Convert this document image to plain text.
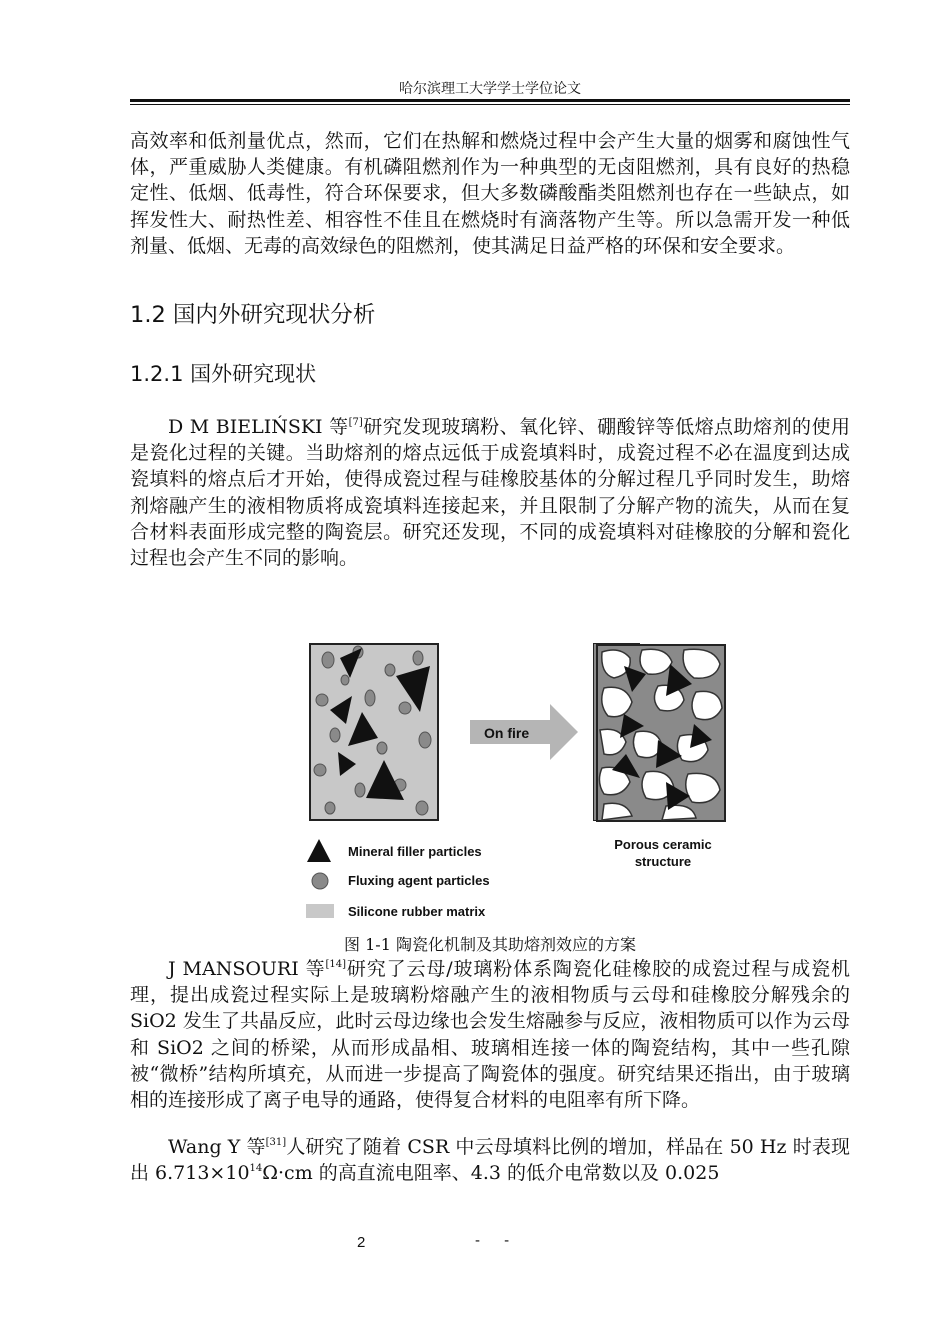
哈尔滨理工大学学士学位论文
高效率和低剂量优点，然而，它们在热解和燃烧过程中会产生大量的烟雾和腐蚀性气体，严重威胁人类健康。有机磷阻燃剂作为一种典型的无卤阻燃剂，具有良好的热稳定性、低烟、低毒性，符合环保要求，但大多数磷酸酯类阻燃剂也存在一些缺点，如挥发性大、耐热性差、相容性不佳且在燃烧时有滴落物产生等。所以急需开发一种低剂量、低烟、无毒的高效绿色的阻燃剂，使其满足日益严格的环保和安全要求。
1.2 国内外研究现状分析
1.2.1 国外研究现状
D M BIELIŃSKI 等[7]研究发现玻璃粉、氧化锌、硼酸锌等低熔点助熔剂的使用是瓷化过程的关键。当助熔剂的熔点远低于成瓷填料时，成瓷过程不必在温度到达成瓷填料的熔点后才开始，使得成瓷过程与硅橡胶基体的分解过程几乎同时发生，助熔剂熔融产生的液相物质将成瓷填料连接起来，并且限制了分解产物的流失，从而在复合材料表面形成完整的陶瓷层。研究还发现，不同的成瓷填料对硅橡胶的分解和瓷化过程也会产生不同的影响。
On fire
Porous ceramic
structure
Mineral filler particles
Fluxing agent particles
Silicone rubber matrix
图 1-1 陶瓷化机制及其助熔剂效应的方案
J MANSOURI 等[14]研究了云母/玻璃粉体系陶瓷化硅橡胶的成瓷过程与成瓷机理，提出成瓷过程实际上是玻璃粉熔融产生的液相物质与云母和硅橡胶分解残余的 SiO2 发生了共晶反应，此时云母边缘也会发生熔融参与反应，液相物质可以作为云母和 SiO2 之间的桥梁，从而形成晶相、玻璃相连接一体的陶瓷结构，其中一些孔隙被“微桥”结构所填充，从而进一步提高了陶瓷体的强度。研究结果还指出，由于玻璃相的连接形成了离子电导的通路，使得复合材料的电阻率有所下降。
Wang Y 等[31]人研究了随着 CSR 中云母填料比例的增加，样品在 50 Hz 时表现出 $6.713\times 10^{14}\Omega\cdot cm$ 的高直流电阻率、4.3 的低介电常数以及 0.025
2	- -
